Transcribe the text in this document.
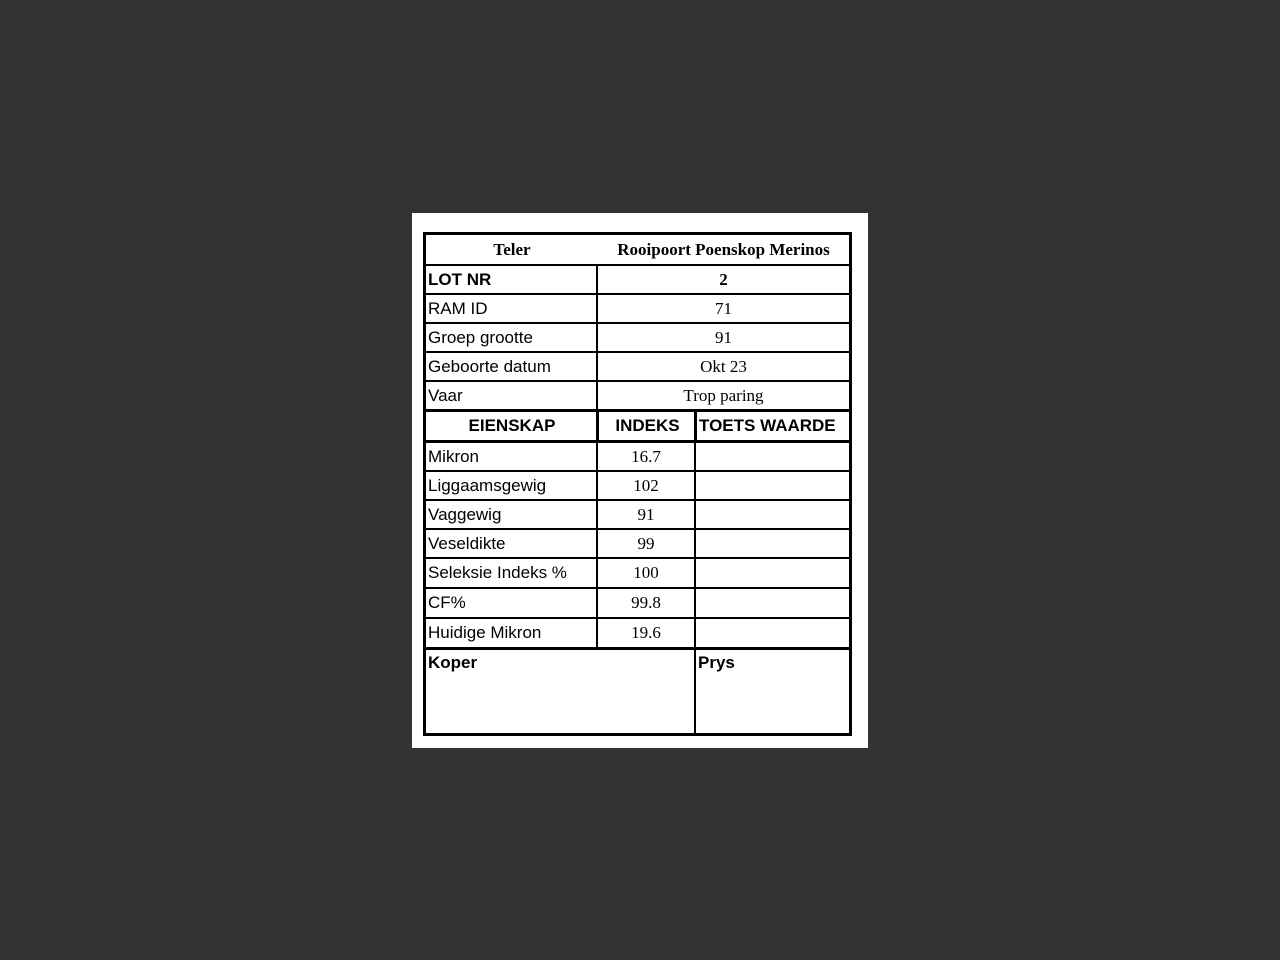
Teler	Rooipoort Poenskop Merinos
LOT NR	2
RAM ID	71
Groep grootte	91
Geboorte datum	Okt 23
Vaar	Trop paring
EIENSKAP	INDEKS	TOETS WAARDE
Mikron	16.7
Liggaamsgewig	102
Vaggewig	91
Veseldikte	99
Seleksie Indeks %	100
CF%	99.8
Huidige Mikron	19.6
Koper	Prys
